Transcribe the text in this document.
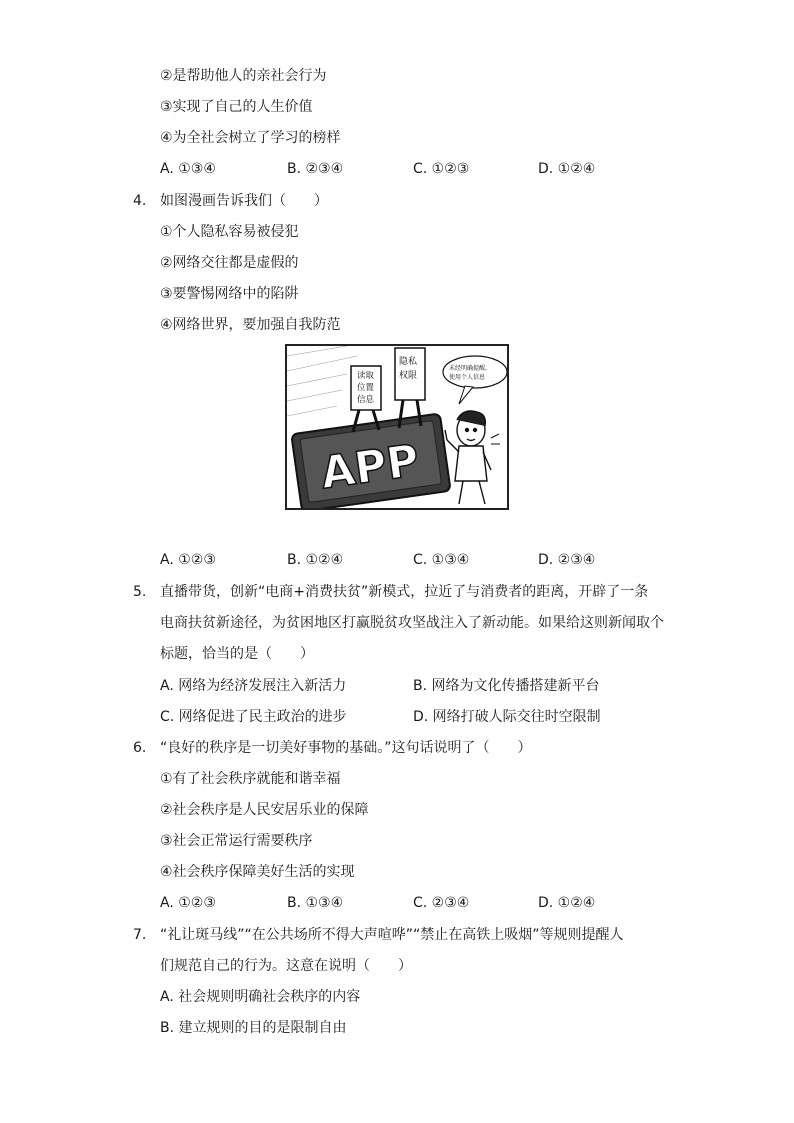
②是帮助他人的亲社会行为
③实现了自己的人生价值
④为全社会树立了学习的榜样
A. ①③④	B. ②③④	C. ①②③	D. ①②④
4. 如图漫画告诉我们（　　）
①个人隐私容易被侵犯
②网络交往都是虚假的
③要警惕网络中的陷阱
④网络世界，要加强自我防范
APP
读取 位置 信息
隐私 权限
未经明确提醒, 使用个人信息
A. ①②③	B. ①②④	C. ①③④	D. ②③④
5. 直播带货，创新“电商+消费扶贫”新模式，拉近了与消费者的距离，开辟了一条
电商扶贫新途径，为贫困地区打赢脱贫攻坚战注入了新动能。如果给这则新闻取个
标题，恰当的是（　　）
A. 网络为经济发展注入新活力	B. 网络为文化传播搭建新平台
C. 网络促进了民主政治的进步	D. 网络打破人际交往时空限制
6. “良好的秩序是一切美好事物的基础。”这句话说明了（　　）
①有了社会秩序就能和谐幸福
②社会秩序是人民安居乐业的保障
③社会正常运行需要秩序
④社会秩序保障美好生活的实现
A. ①②③	B. ①③④	C. ②③④	D. ①②④
7. “礼让斑马线”“在公共场所不得大声喧哗”“禁止在高铁上吸烟”等规则提醒人
们规范自己的行为。这意在说明（　　）
A. 社会规则明确社会秩序的内容
B. 建立规则的目的是限制自由
